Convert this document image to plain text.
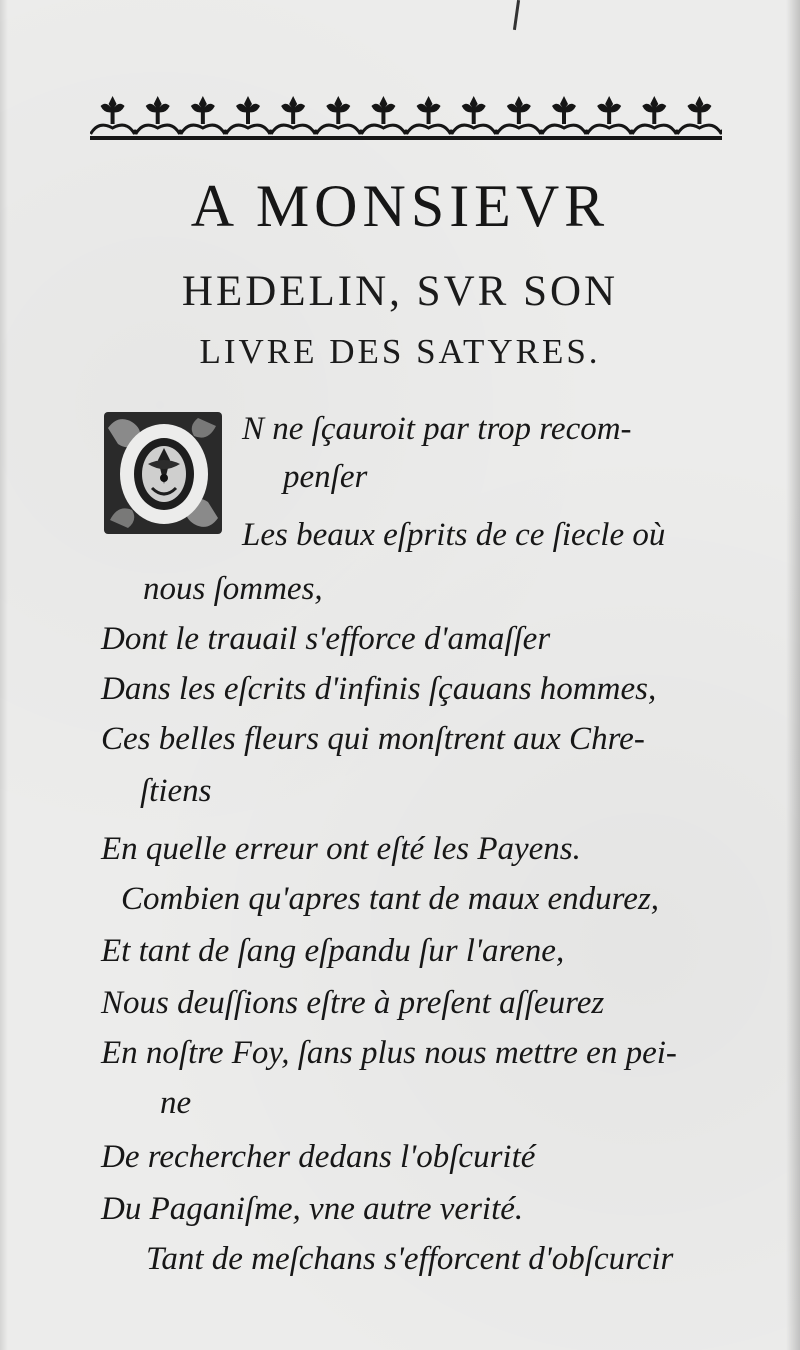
A MONSIEVR
HEDELIN, SVR SON
LIVRE DES SATYRES.
N ne ſçauroit par trop recom-
penſer
Les beaux eſprits de ce ſiecle où
nous ſommes,
Dont le trauail s'efforce d'amaſſer
Dans les eſcrits d'infinis ſçauans hommes,
Ces belles fleurs qui monſtrent aux Chre-
ſtiens
En quelle erreur ont eſté les Payens.
Combien qu'apres tant de maux endurez,
Et tant de ſang eſpandu ſur l'arene,
Nous deuſſions eſtre à preſent aſſeurez
En noſtre Foy, ſans plus nous mettre en pei-
ne
De rechercher dedans l'obſcurité
Du Paganiſme, vne autre verité.
Tant de meſchans s'efforcent d'obſcurcir
